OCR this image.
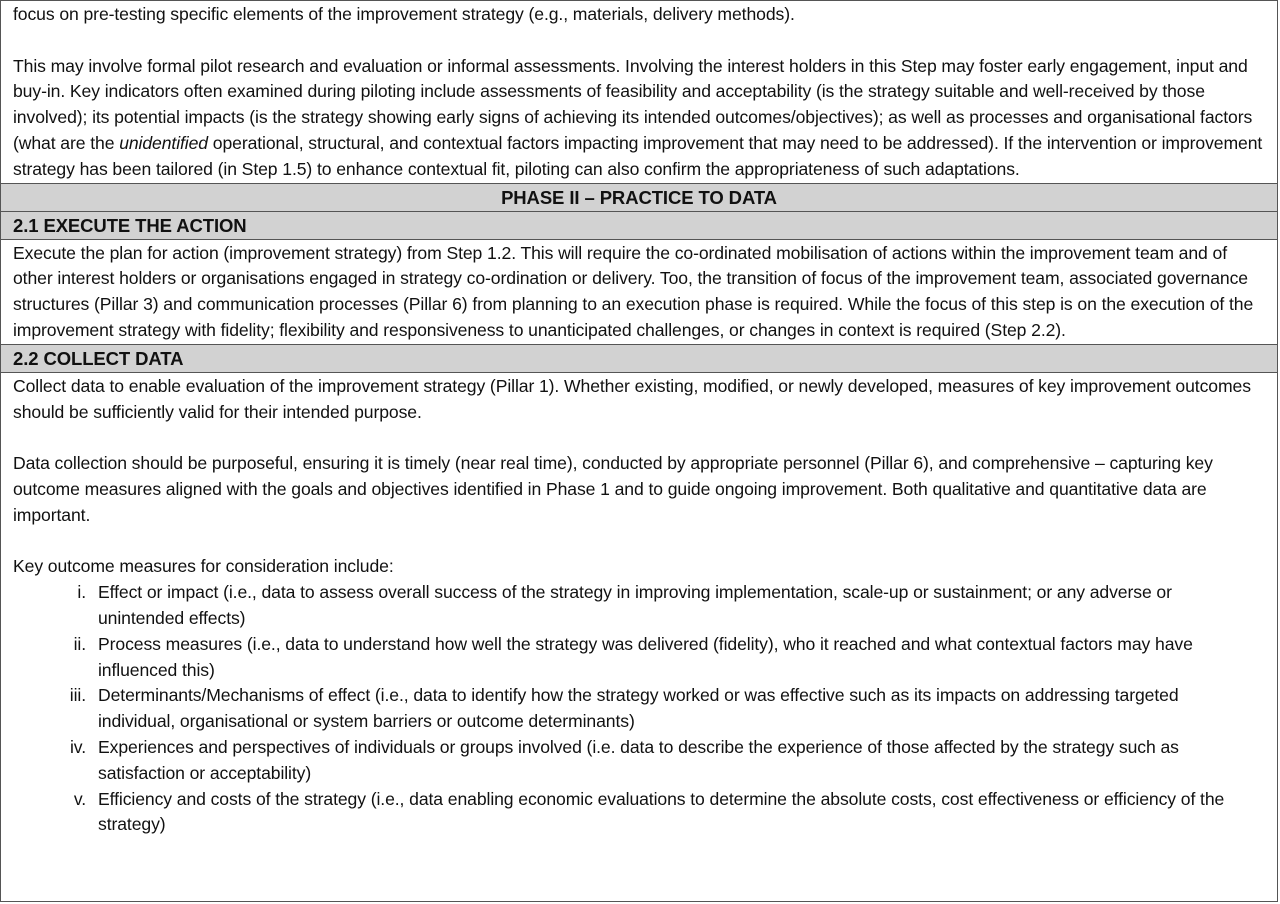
focus on pre-testing specific elements of the improvement strategy (e.g., materials, delivery methods).

This may involve formal pilot research and evaluation or informal assessments. Involving the interest holders in this Step may foster early engagement, input and buy-in. Key indicators often examined during piloting include assessments of feasibility and acceptability (is the strategy suitable and well-received by those involved); its potential impacts (is the strategy showing early signs of achieving its intended outcomes/objectives); as well as processes and organisational factors (what are the unidentified operational, structural, and contextual factors impacting improvement that may need to be addressed). If the intervention or improvement strategy has been tailored (in Step 1.5) to enhance contextual fit, piloting can also confirm the appropriateness of such adaptations.

PHASE II – PRACTICE TO DATA
2.1 EXECUTE THE ACTION

Execute the plan for action (improvement strategy) from Step 1.2. This will require the co-ordinated mobilisation of actions within the improvement team and of other interest holders or organisations engaged in strategy co-ordination or delivery. Too, the transition of focus of the improvement team, associated governance structures (Pillar 3) and communication processes (Pillar 6) from planning to an execution phase is required. While the focus of this step is on the execution of the improvement strategy with fidelity; flexibility and responsiveness to unanticipated challenges, or changes in context is required (Step 2.2).

2.2 COLLECT DATA

Collect data to enable evaluation of the improvement strategy (Pillar 1). Whether existing, modified, or newly developed, measures of key improvement outcomes should be sufficiently valid for their intended purpose.

Data collection should be purposeful, ensuring it is timely (near real time), conducted by appropriate personnel (Pillar 6), and comprehensive – capturing key outcome measures aligned with the goals and objectives identified in Phase 1 and to guide ongoing improvement. Both qualitative and quantitative data are important.

Key outcome measures for consideration include:

i. Effect or impact (i.e., data to assess overall success of the strategy in improving implementation, scale-up or sustainment; or any adverse or unintended effects)
ii. Process measures (i.e., data to understand how well the strategy was delivered (fidelity), who it reached and what contextual factors may have influenced this)
iii. Determinants/Mechanisms of effect (i.e., data to identify how the strategy worked or was effective such as its impacts on addressing targeted individual, organisational or system barriers or outcome determinants)
iv. Experiences and perspectives of individuals or groups involved (i.e. data to describe the experience of those affected by the strategy such as satisfaction or acceptability)
v. Efficiency and costs of the strategy (i.e., data enabling economic evaluations to determine the absolute costs, cost effectiveness or efficiency of the strategy)
